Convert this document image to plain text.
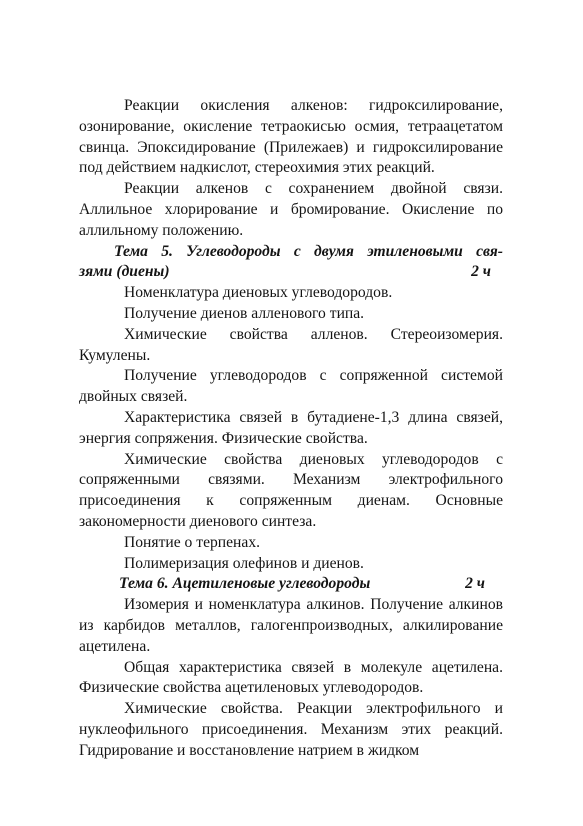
Реакции окисления алкенов: гидроксилирование, озонирование, окисление тетраокисью осмия, тетраацетатом свинца. Эпоксидирование (Прилежаев) и гидроксилирование под действием надкислот, стереохимия этих реакций.

Реакции алкенов с сохранением двойной связи. Аллильное хлорирование и бромирование. Окисление по аллильному положению.

Тема 5. Углеводороды с двумя этиленовыми свя-
зями (диены)	2 ч

Номенклатура диеновых углеводородов.

Получение диенов алленового типа.

Химические свойства алленов. Стереоизомерия. Кумулены.

Получение углеводородов с сопряженной системой двойных связей.

Характеристика связей в бутадиене-1,3 длина связей, энергия сопряжения. Физические свойства.

Химические свойства диеновых углеводородов с сопряженными связями. Механизм электрофильного присоединения к сопряженным диенам. Основные закономерности диенового синтеза.

Понятие о терпенах.

Полимеризация олефинов и диенов.

Тема 6. Ацетиленовые углеводороды	2 ч

Изомерия и номенклатура алкинов. Получение алкинов из карбидов металлов, галогенпроизводных, алкилирование ацетилена.

Общая характеристика связей в молекуле ацетилена. Физические свойства ацетиленовых углеводородов.

Химические свойства. Реакции электрофильного и нуклеофильного присоединения. Механизм этих реакций. Гидрирование и восстановление натрием в жидком
